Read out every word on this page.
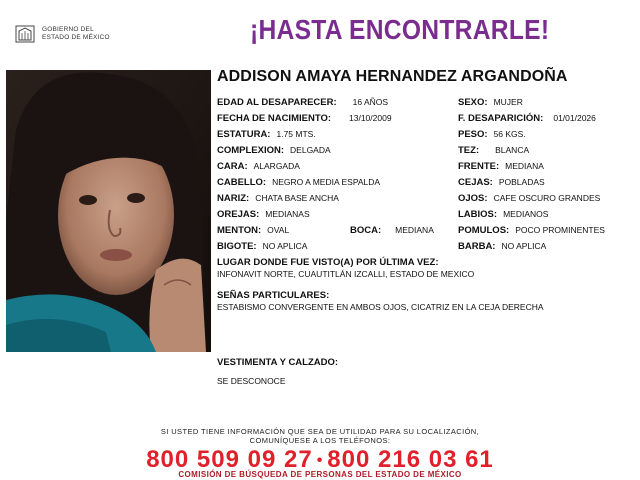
GOBIERNO DEL
ESTADO DE MÉXICO	¡HASTA ENCONTRARLE!
ADDISON AMAYA HERNANDEZ ARGANDOÑA
EDAD AL DESAPARECER: 16 AÑOS
FECHA DE NACIMIENTO: 13/10/2009
ESTATURA: 1.75 MTS.
COMPLEXION: DELGADA
CARA: ALARGADA
CABELLO: NEGRO A MEDIA ESPALDA
NARIZ: CHATA BASE ANCHA
OREJAS: MEDIANAS
MENTON: OVAL	BOCA: MEDIANA
BIGOTE: NO APLICA
SEXO: MUJER
F. DESAPARICIÓN: 01/01/2026
PESO: 56 KGS.
TEZ: BLANCA
FRENTE: MEDIANA
CEJAS: POBLADAS
OJOS: CAFE OSCURO GRANDES
LABIOS: MEDIANOS
POMULOS: POCO PROMINENTES
BARBA: NO APLICA
LUGAR DONDE FUE VISTO(A) POR ÚLTIMA VEZ:
INFONAVIT NORTE, CUAUTITLÁN IZCALLI, ESTADO DE MEXICO
SEÑAS PARTICULARES:
ESTABISMO CONVERGENTE EN AMBOS OJOS, CICATRIZ EN LA CEJA DERECHA
VESTIMENTA Y CALZADO:
SE DESCONOCE
SI USTED TIENE INFORMACIÓN QUE SEA DE UTILIDAD PARA SU LOCALIZACIÓN,
COMUNÍQUESE A LOS TELÉFONOS:
800 509 09 27 • 800 216 03 61
COMISIÓN DE BÚSQUEDA DE PERSONAS DEL ESTADO DE MÉXICO
